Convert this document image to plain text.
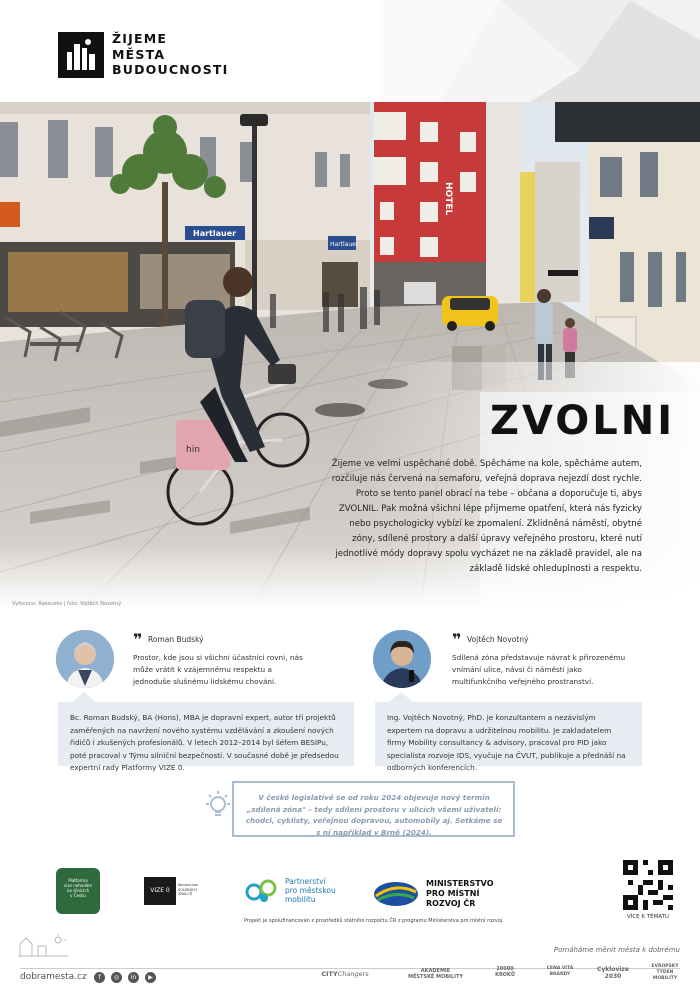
ŽIJEME
MĚSTA
BUDOUCNOSTI
Hartlauer
Hartlauer
HOTEL
hin
Vyfoceno: Rakousko | foto: Vojtěch Novotný
ZVOLNI
Žijeme ve velmi uspěchané době. Spěcháme na kole, spěcháme autem, rozčiluje nás červená na semaforu, veřejná doprava nejezdí dost rychle. Proto se tento panel obrací na tebe – občana a doporučuje ti, abys ZVOLNIL. Pak možná všichni lépe přijmeme opatření, která nás fyzicky nebo psychologicky vybízí ke zpomalení. Zklidněná náměstí, obytné zóny, sdílené prostory a další úpravy veřejného prostoru, které nutí jednotlivé módy dopravy spolu vycházet ne na základě pravidel, ale na základě lidské ohleduplnosti a respektu.
❞ Roman Budský
Prostor, kde jsou si všichni účastníci rovni, nás může vrátit k vzájemnému respektu a jednoduše slušnému lidskému chování.
Bc. Roman Budský, BA (Hons), MBA je dopravní expert, autor tří projektů zaměřených na navržení nového systému vzdělávání a zkoušení nových řidičů i zkušených profesionálů. V letech 2012–2014 byl šéfem BESIPu, poté pracoval v Týmu silniční bezpečnosti. V současné době je předsedou expertní rady Platformy VIZE 0.
❞ Vojtěch Novotný
Sdílená zóna představuje návrat k přirozenému vnímání ulice, návsi či náměstí jako multifunkčního veřejného prostranství.
Ing. Vojtěch Novotný, PhD. je konzultantem a nezávislým expertem na dopravu a udržitelnou mobilitu. Je zakladatelem firmy Mobility consultancy & advisory, pracoval pro PID jako specialista rozvoje IDS, vyučuje na ČVUT, publikuje a přednáší na odborných konferencích.
V české legislativě se od roku 2024 objevuje nový termín „sdílená zóna" – tedy sdílení prostoru v ulicích všemi uživateli: chodci, cyklisty, veřejnou dopravou, automobily aj. Setkáme se s ní například v Brně (2024).
Platforma
vize nehodám
na silnicích
v Česku
VIZE 0
Konsorcium
SOUDNÍCH
ZNALCŮ
Partnerství
pro městskou
mobilitu
MINISTERSTVO
PRO MÍSTNÍ
ROZVOJ ČR
Projekt je spolufinancován z prostředků státního rozpočtu ČR z programu Ministerstva pro místní rozvoj.
VÍCE K TÉMATU
Pomáháme měnit města k dobrému
dobramesta.cz	f	◎	in	▶	CITYChangers	AKADEMIE
MĚSTSKÉ MOBILITY
10000
KROKŮ
CENA VITA
BRANDY
Cyklovize
2030
EVROPSKÝ TÝDEN
MOBILITY
